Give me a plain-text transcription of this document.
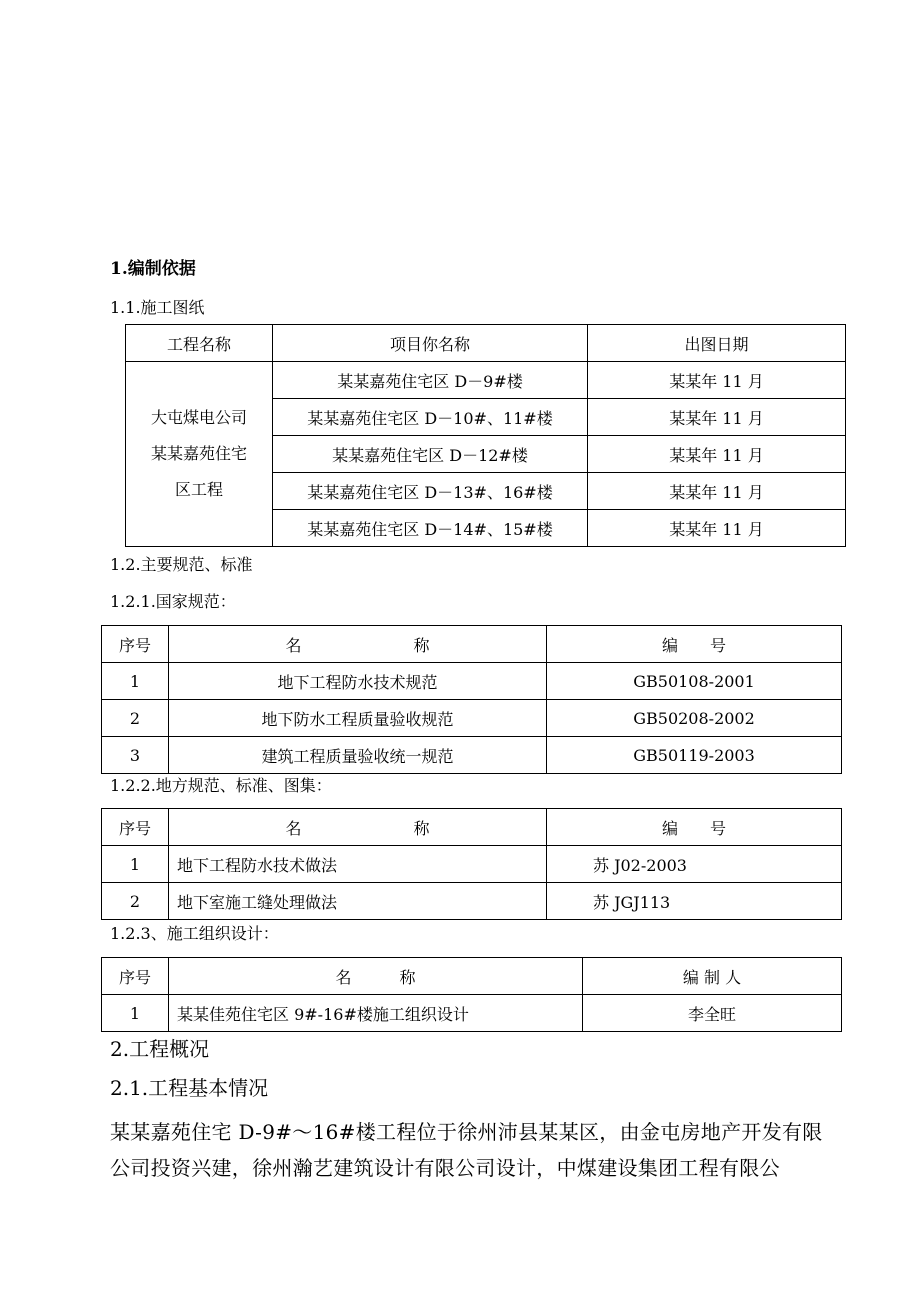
1.编制依据
1.1.施工图纸
工程名称	项目你名称	出图日期

大屯煤电公司
某某嘉苑住宅
区工程	某某嘉苑住宅区 D－9#楼	某某年 11 月
	某某嘉苑住宅区 D－10#、11#楼	某某年 11 月
	某某嘉苑住宅区 D－12#楼	某某年 11 月
	某某嘉苑住宅区 D－13#、16#楼	某某年 11 月
	某某嘉苑住宅区 D－14#、15#楼	某某年 11 月
1.2.主要规范、标准
1.2.1.国家规范：
序号	名　　　　　　　称	编　　号
1	地下工程防水技术规范	GB50108-2001
2	地下防水工程质量验收规范	GB50208-2002
3	建筑工程质量验收统一规范	GB50119-2003
1.2.2.地方规范、标准、图集：
序号	名　　　　　　　称	编　　号
1	地下工程防水技术做法	苏 J02-2003
2	地下室施工缝处理做法	苏 JGJ113
1.2.3、施工组织设计：
序号	名　　　称	编 制 人
1	某某佳苑住宅区 9#-16#楼施工组织设计	李全旺
2.工程概况
2.1.工程基本情况
某某嘉苑住宅 D-9#～16#楼工程位于徐州沛县某某区，由金屯房地产开发有限公司投资兴建，徐州瀚艺建筑设计有限公司设计，中煤建设集团工程有限公
